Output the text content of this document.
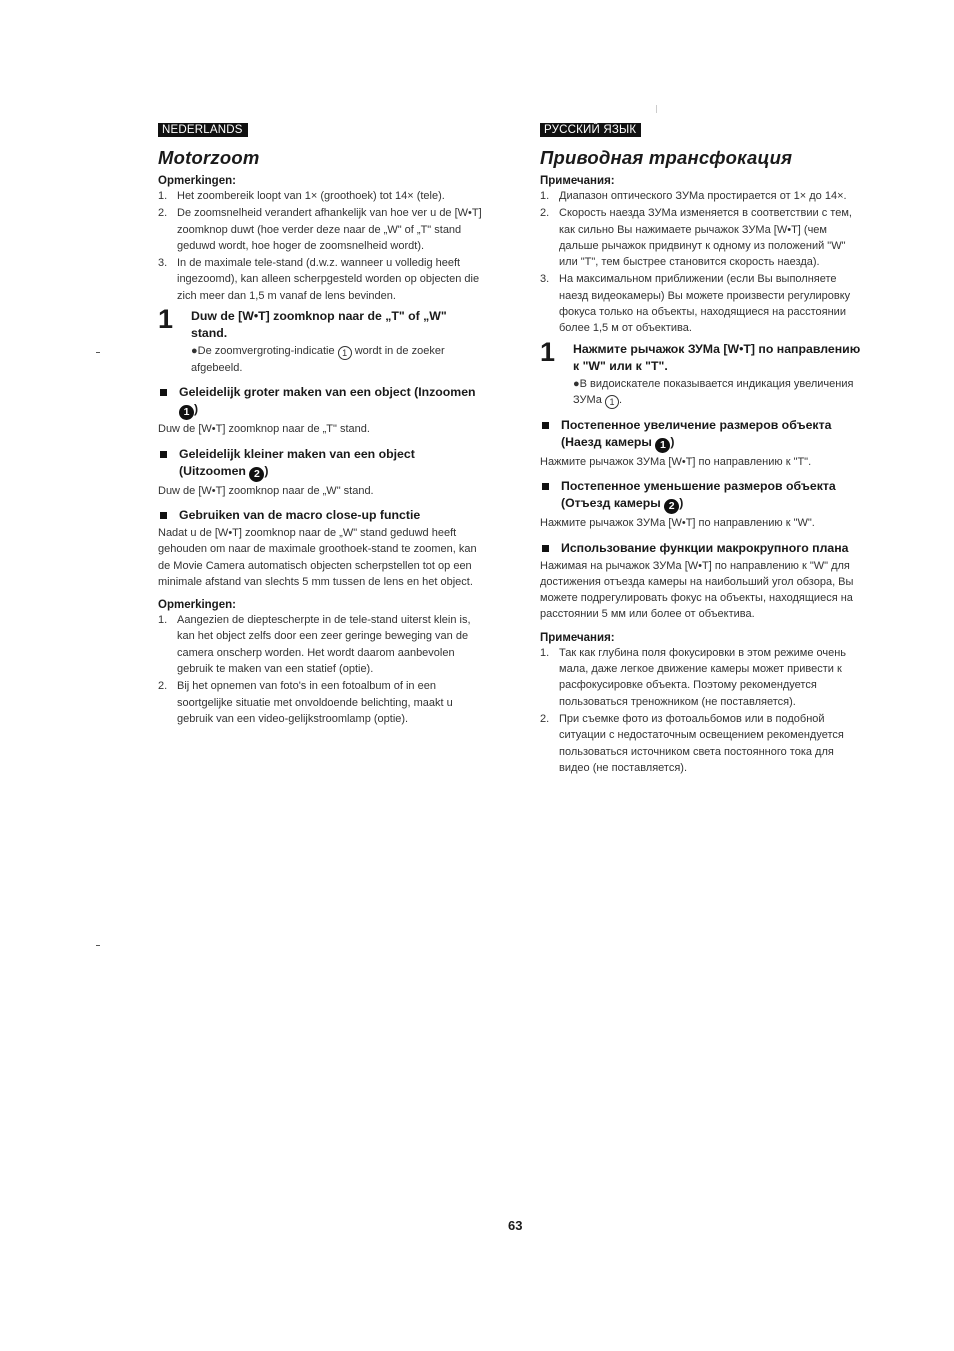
NEDERLANDS
Motorzoom
Opmerkingen:
1. Het zoombereik loopt van 1× (groothoek) tot 14× (tele).
2. De zoomsnelheid verandert afhankelijk van hoe ver u de [W•T] zoomknop duwt (hoe verder deze naar de „W" of „T" stand geduwd wordt, hoe hoger de zoomsnelheid wordt).
3. In de maximale tele-stand (d.w.z. wanneer u volledig heeft ingezoomd), kan alleen scherpgesteld worden op objecten die zich meer dan 1,5 m vanaf de lens bevinden.
1 Duw de [W•T] zoomknop naar de „T" of „W" stand.
●De zoomvergroting-indicatie 1 wordt in de zoeker afgebeeld.
Geleidelijk groter maken van een object (Inzoomen 1 )

Duw de [W•T] zoomknop naar de „T" stand.

Geleidelijk kleiner maken van een object (Uitzoomen 2 )

Duw de [W•T] zoomknop naar de „W" stand.

Gebruiken van de macro close-up functie

Nadat u de [W•T] zoomknop naar de „W" stand geduwd heeft gehouden om naar de maximale groothoek-stand te zoomen, kan de Movie Camera automatisch objecten scherpstellen tot op een minimale afstand van slechts 5 mm tussen de lens en het object.

Opmerkingen:
1. Aangezien de dieptescherpte in de tele-stand uiterst klein is, kan het object zelfs door een zeer geringe beweging van de camera onscherp worden. Het wordt daarom aanbevolen gebruik te maken van een statief (optie).
2. Bij het opnemen van foto's in een fotoalbum of in een soortgelijke situatie met onvoldoende belichting, maakt u gebruik van een video-gelijkstroomlamp (optie).
РУССКИЙ ЯЗЫК
Приводная трансфокация
Примечания:
1. Диапазон оптического ЗУМа простирается от 1× до 14×.
2. Скорость наезда ЗУМа изменяется в соответствии с тем, как сильно Вы нажимаете рычажок ЗУМа [W•T] (чем дальше рычажок придвинут к одному из положений "W" или "T", тем быстрее становится скорость наезда).
3. На максимальном приближении (если Вы выполняете наезд видеокамеры) Вы можете произвести регулировку фокуса только на объекты, находящиеся на расстоянии более 1,5 м от объектива.
1 Нажмите рычажок ЗУМа [W•T] по направлению к "W" или к "T".
●В видоискателе показывается индикация увеличения ЗУМа 1 .
Постепенное увеличение размеров объекта (Наезд камеры 1 )

Нажмите рычажок ЗУМа [W•T] по направлению к "T".

Постепенное уменьшение размеров объекта (Отъезд камеры 2 )

Нажмите рычажок ЗУМа [W•T] по направлению к "W".

Использование функции макрокрупного плана

Нажимая на рычажок ЗУМа [W•T] по направлению к "W" для достижения отъезда камеры на наибольший угол обзора, Вы можете подрегулировать фокус на объекты, находящиеся на расстоянии 5 мм или более от объектива.

Примечания:
1. Так как глубина поля фокусировки в этом режиме очень мала, даже легкое движение камеры может привести к расфокусировке объекта. Поэтому рекомендуется пользоваться треножником (не поставляется).
2. При съемке фото из фотоальбомов или в подобной ситуации с недостаточным освещением рекомендуется пользоваться источником света постоянного тока для видео (не поставляется).
63
